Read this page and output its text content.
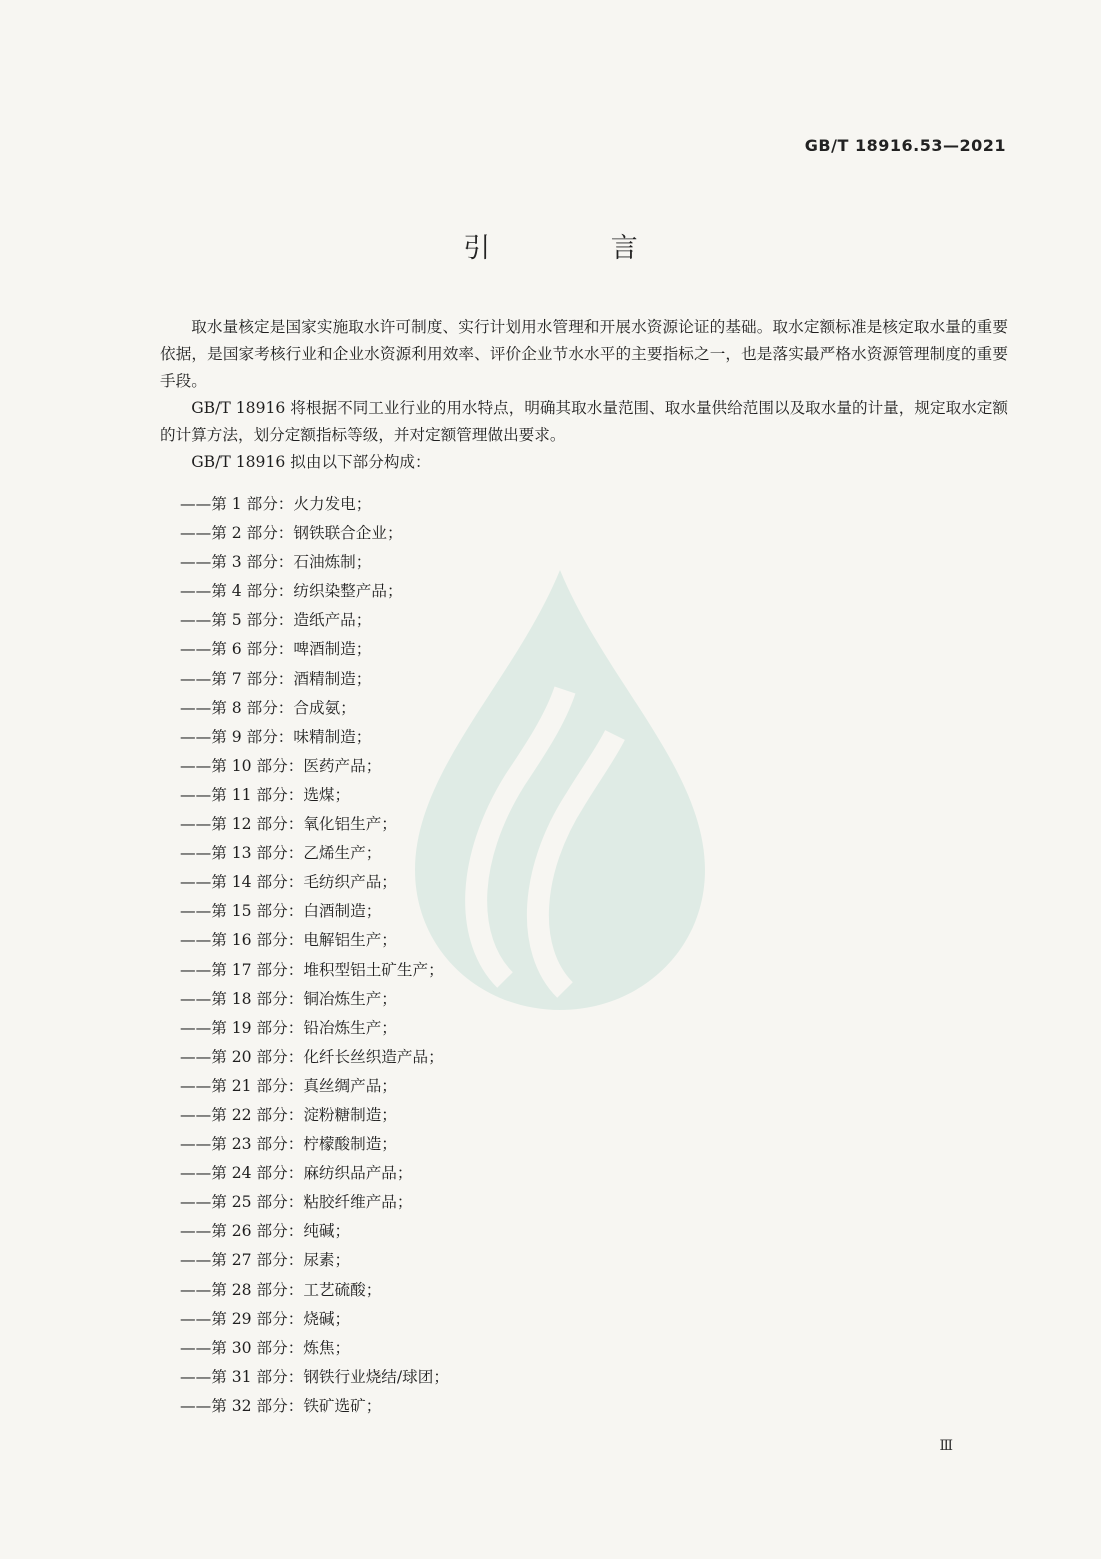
GB/T 18916.53—2021
引 言

取水量核定是国家实施取水许可制度、实行计划用水管理和开展水资源论证的基础。取水定额标准是核定取水量的重要依据，是国家考核行业和企业水资源利用效率、评价企业节水水平的主要指标之一，也是落实最严格水资源管理制度的重要手段。

GB/T 18916 将根据不同工业行业的用水特点，明确其取水量范围、取水量供给范围以及取水量的计量，规定取水定额的计算方法，划分定额指标等级，并对定额管理做出要求。

GB/T 18916 拟由以下部分构成：

——第 1 部分：火力发电；
——第 2 部分：钢铁联合企业；
——第 3 部分：石油炼制；
——第 4 部分：纺织染整产品；
——第 5 部分：造纸产品；
——第 6 部分：啤酒制造；
——第 7 部分：酒精制造；
——第 8 部分：合成氨；
——第 9 部分：味精制造；
——第 10 部分：医药产品；
——第 11 部分：选煤；
——第 12 部分：氧化铝生产；
——第 13 部分：乙烯生产；
——第 14 部分：毛纺织产品；
——第 15 部分：白酒制造；
——第 16 部分：电解铝生产；
——第 17 部分：堆积型铝土矿生产；
——第 18 部分：铜冶炼生产；
——第 19 部分：铅冶炼生产；
——第 20 部分：化纤长丝织造产品；
——第 21 部分：真丝绸产品；
——第 22 部分：淀粉糖制造；
——第 23 部分：柠檬酸制造；
——第 24 部分：麻纺织品产品；
——第 25 部分：粘胶纤维产品；
——第 26 部分：纯碱；
——第 27 部分：尿素；
——第 28 部分：工艺硫酸；
——第 29 部分：烧碱；
——第 30 部分：炼焦；
——第 31 部分：钢铁行业烧结/球团；
——第 32 部分：铁矿选矿；
Ⅲ
